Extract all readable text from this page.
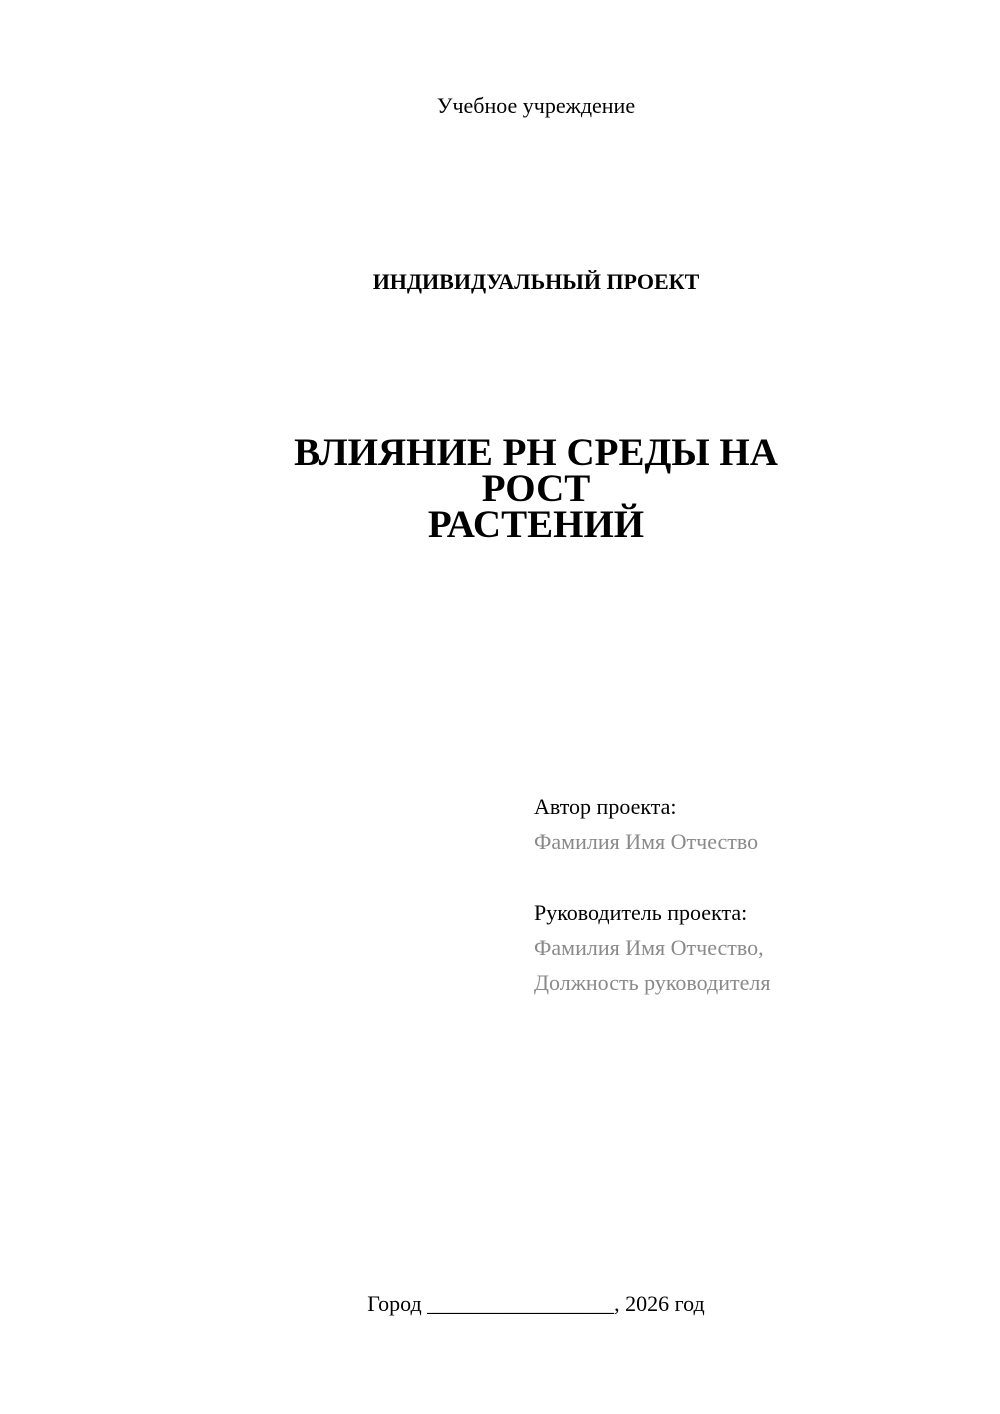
Учебное учреждение
ИНДИВИДУАЛЬНЫЙ ПРОЕКТ
ВЛИЯНИЕ РН СРЕДЫ НА РОСТ
РАСТЕНИЙ
Автор проекта:
Фамилия Имя Отчество
Руководитель проекта:
Фамилия Имя Отчество,
Должность руководителя
Город _________________, 2026 год
